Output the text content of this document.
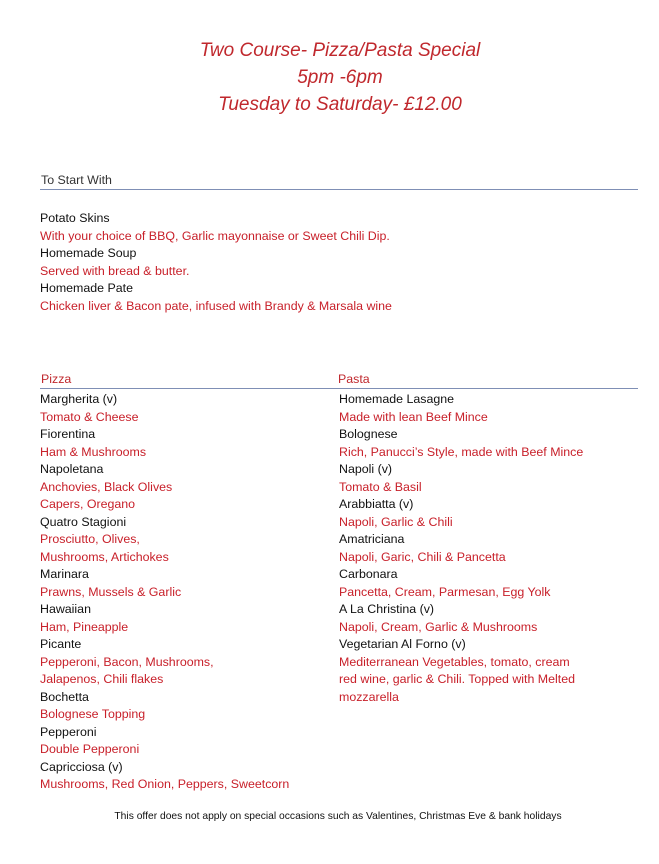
Two Course- Pizza/Pasta Special
5pm -6pm
Tuesday to Saturday- £12.00
To Start With
Potato Skins
With your choice of BBQ, Garlic mayonnaise or Sweet Chili Dip.
Homemade Soup
Served with bread & butter.
Homemade Pate
Chicken liver & Bacon pate, infused with Brandy & Marsala wine
Pizza	Pasta
Margherita (v)
Tomato & Cheese
Fiorentina
Ham & Mushrooms
Napoletana
Anchovies, Black Olives
Capers, Oregano
Quatro Stagioni
Prosciutto, Olives,
Mushrooms, Artichokes
Marinara
Prawns, Mussels & Garlic
Hawaiian
Ham, Pineapple
Picante
Pepperoni, Bacon, Mushrooms,
Jalapenos, Chili flakes
Bochetta
Bolognese Topping
Pepperoni
Double Pepperoni
Capricciosa (v)
Mushrooms, Red Onion, Peppers, Sweetcorn
Homemade Lasagne
Made with lean Beef Mince
Bolognese
Rich, Panucci’s Style, made with Beef Mince
Napoli (v)
Tomato & Basil
Arabbiatta (v)
Napoli, Garlic & Chili
Amatriciana
Napoli, Garic, Chili & Pancetta
Carbonara
Pancetta, Cream, Parmesan, Egg Yolk
A La Christina (v)
Napoli, Cream, Garlic & Mushrooms
Vegetarian Al Forno (v)
Mediterranean Vegetables, tomato, cream
red wine, garlic & Chili. Topped with Melted
mozzarella
This offer does not apply on special occasions such as Valentines, Christmas Eve & bank holidays
